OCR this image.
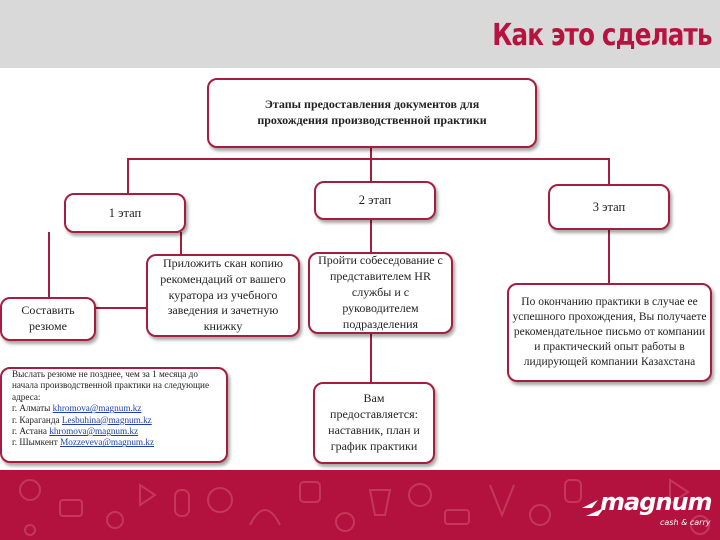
Как это сделать
Этапы предоставления документов для прохождения производственной практики
1 этап
2 этап	3 этап
Составить резюме
Приложить скан копию рекомендаций от вашего куратора из учебного заведения и зачетную книжку
Пройти собеседование с представителем HR службы и с руководителем подразделения
Вам предоставляется: наставник, план и график практики
По окончанию практики в случае ее успешного прохождения, Вы получаете рекомендательное письмо от компании и практический опыт работы в лидирующей компании Казахстана
Выслать резюме не позднее, чем за 1 месяца до начала производственной практики на следующие адреса:
г. Алматы khromova@magnum.kz
г. Караганда Lesbuhina@magnum.kz
г. Астана khromova@magnum.kz
г. Шымкент Mozzeveva@magnum.kz
magnum
cash & carry
